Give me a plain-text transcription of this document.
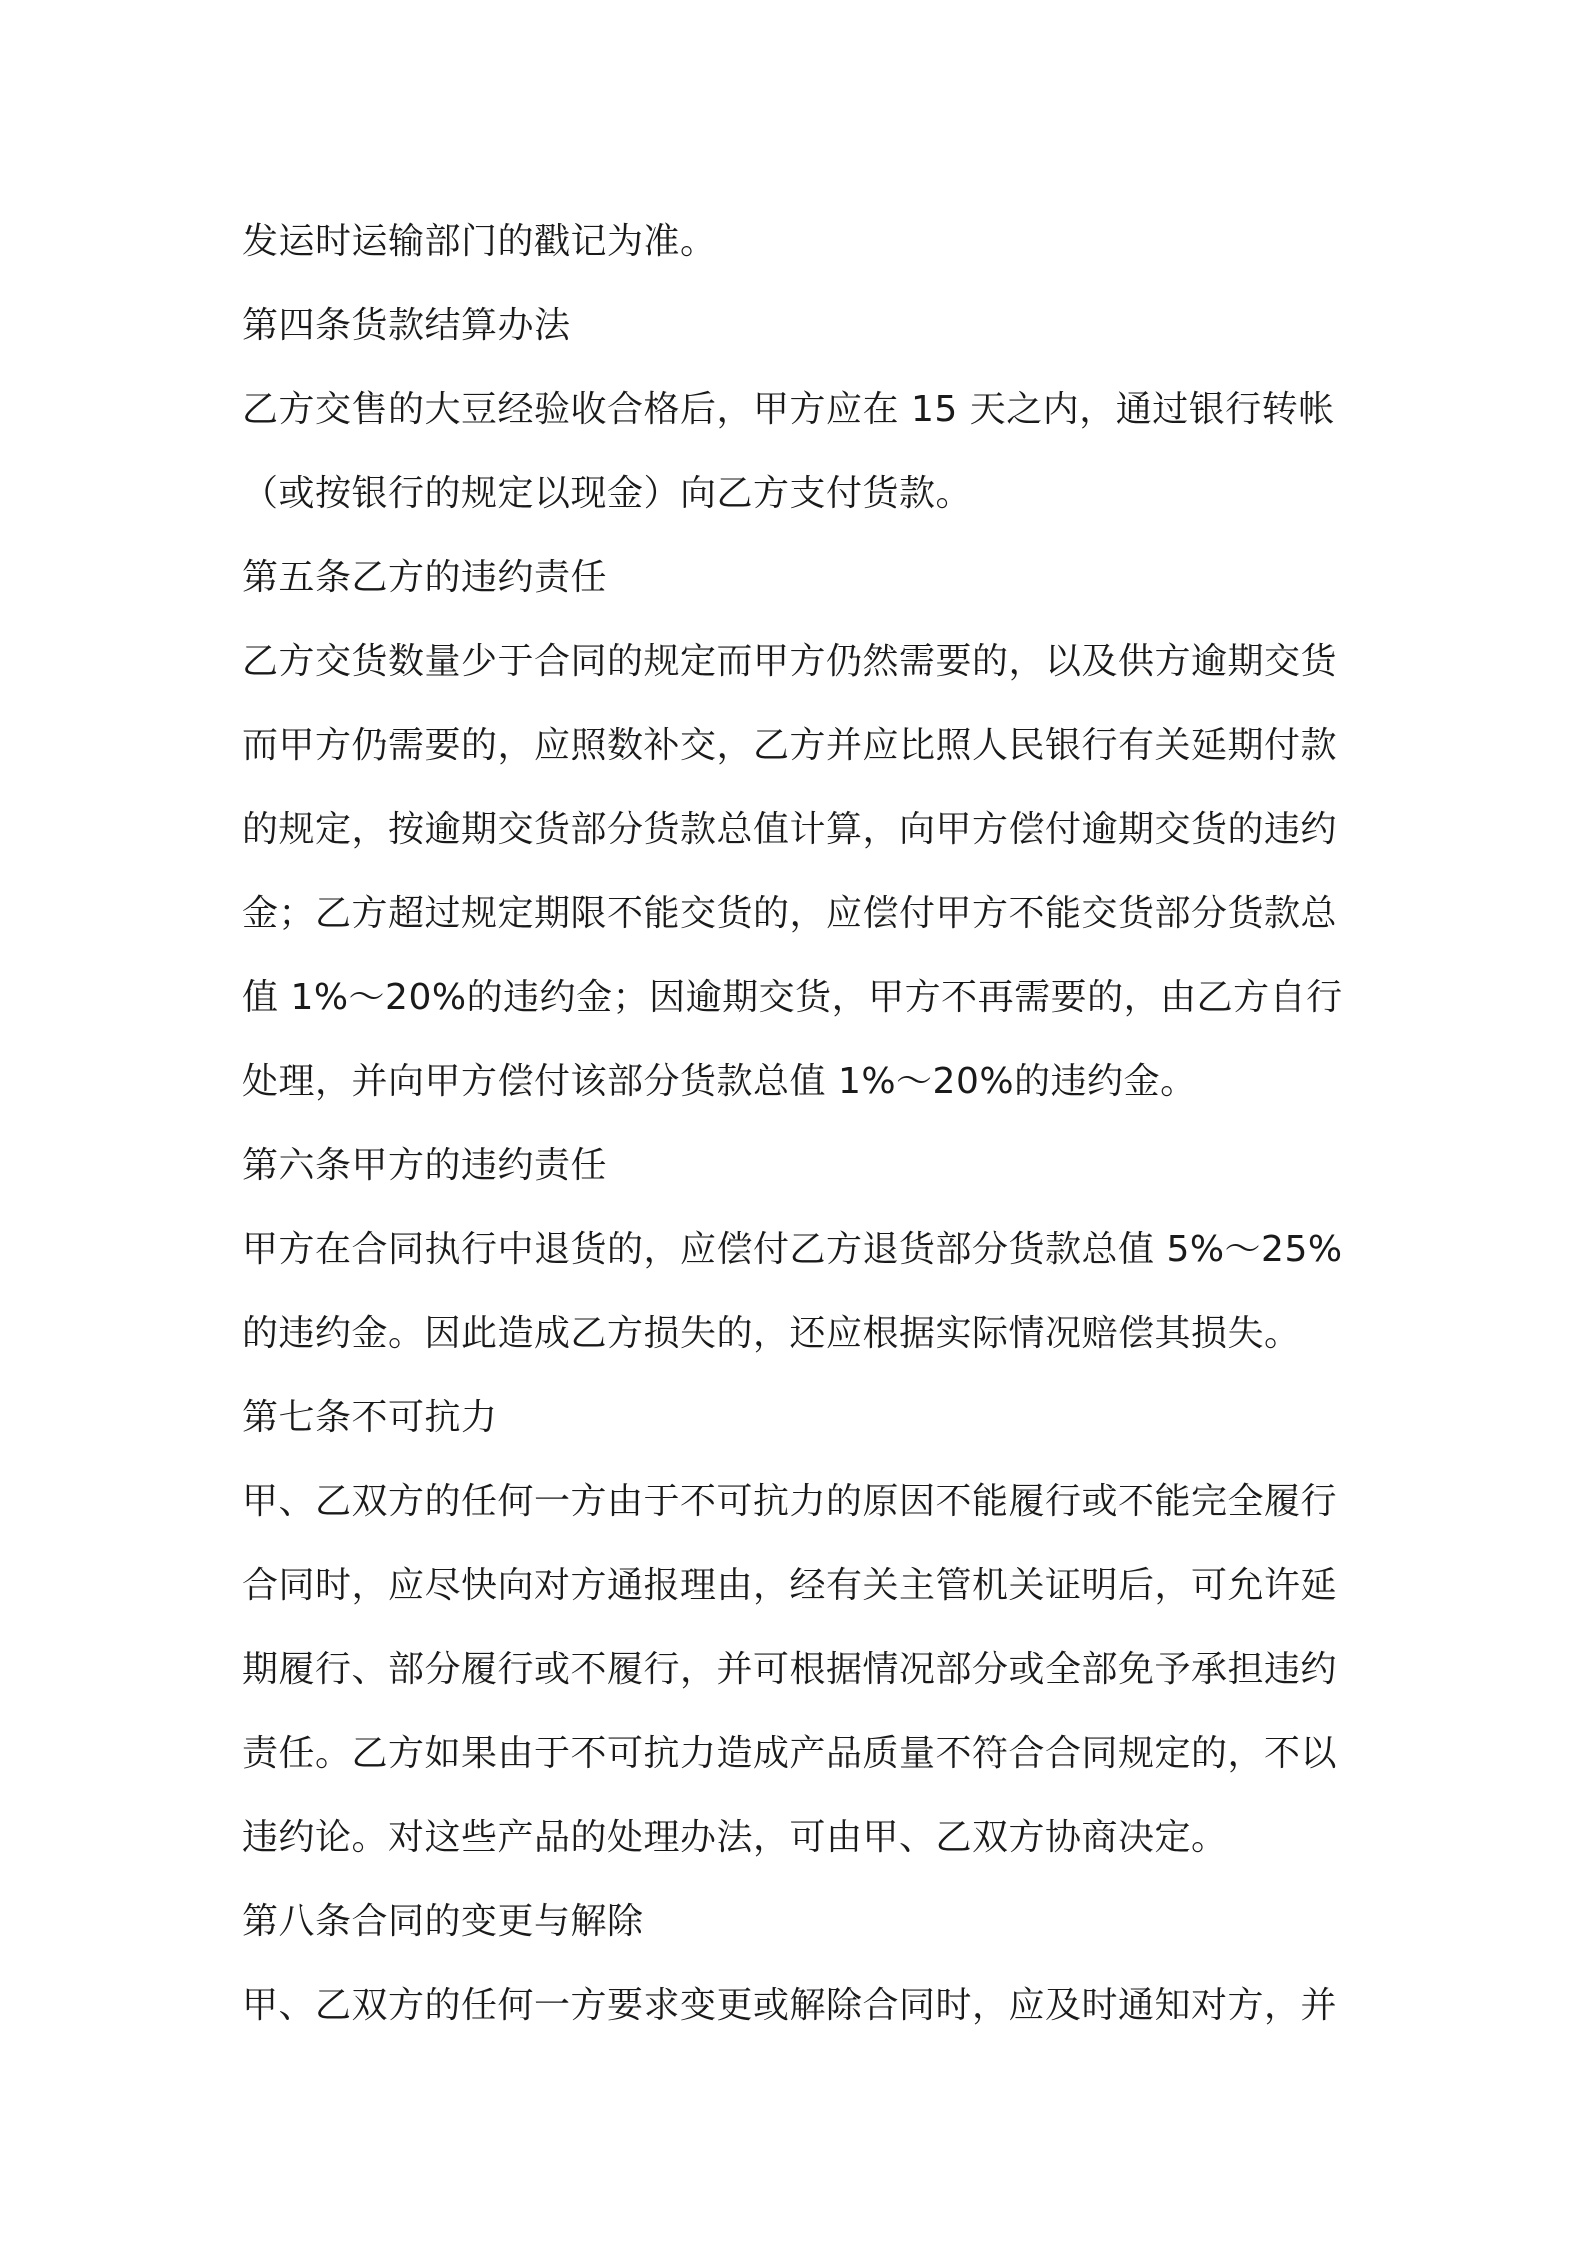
发运时运输部门的戳记为准。
第四条货款结算办法
乙方交售的大豆经验收合格后，甲方应在 15 天之内，通过银行转帐
（或按银行的规定以现金）向乙方支付货款。
第五条乙方的违约责任
乙方交货数量少于合同的规定而甲方仍然需要的，以及供方逾期交货
而甲方仍需要的，应照数补交，乙方并应比照人民银行有关延期付款
的规定，按逾期交货部分货款总值计算，向甲方偿付逾期交货的违约
金；乙方超过规定期限不能交货的，应偿付甲方不能交货部分货款总
值 1%～20%的违约金；因逾期交货，甲方不再需要的，由乙方自行
处理，并向甲方偿付该部分货款总值 1%～20%的违约金。
第六条甲方的违约责任
甲方在合同执行中退货的，应偿付乙方退货部分货款总值 5%～25%
的违约金。因此造成乙方损失的，还应根据实际情况赔偿其损失。
第七条不可抗力
甲、乙双方的任何一方由于不可抗力的原因不能履行或不能完全履行
合同时，应尽快向对方通报理由，经有关主管机关证明后，可允许延
期履行、部分履行或不履行，并可根据情况部分或全部免予承担违约
责任。乙方如果由于不可抗力造成产品质量不符合合同规定的，不以
违约论。对这些产品的处理办法，可由甲、乙双方协商决定。
第八条合同的变更与解除
甲、乙双方的任何一方要求变更或解除合同时，应及时通知对方，并
